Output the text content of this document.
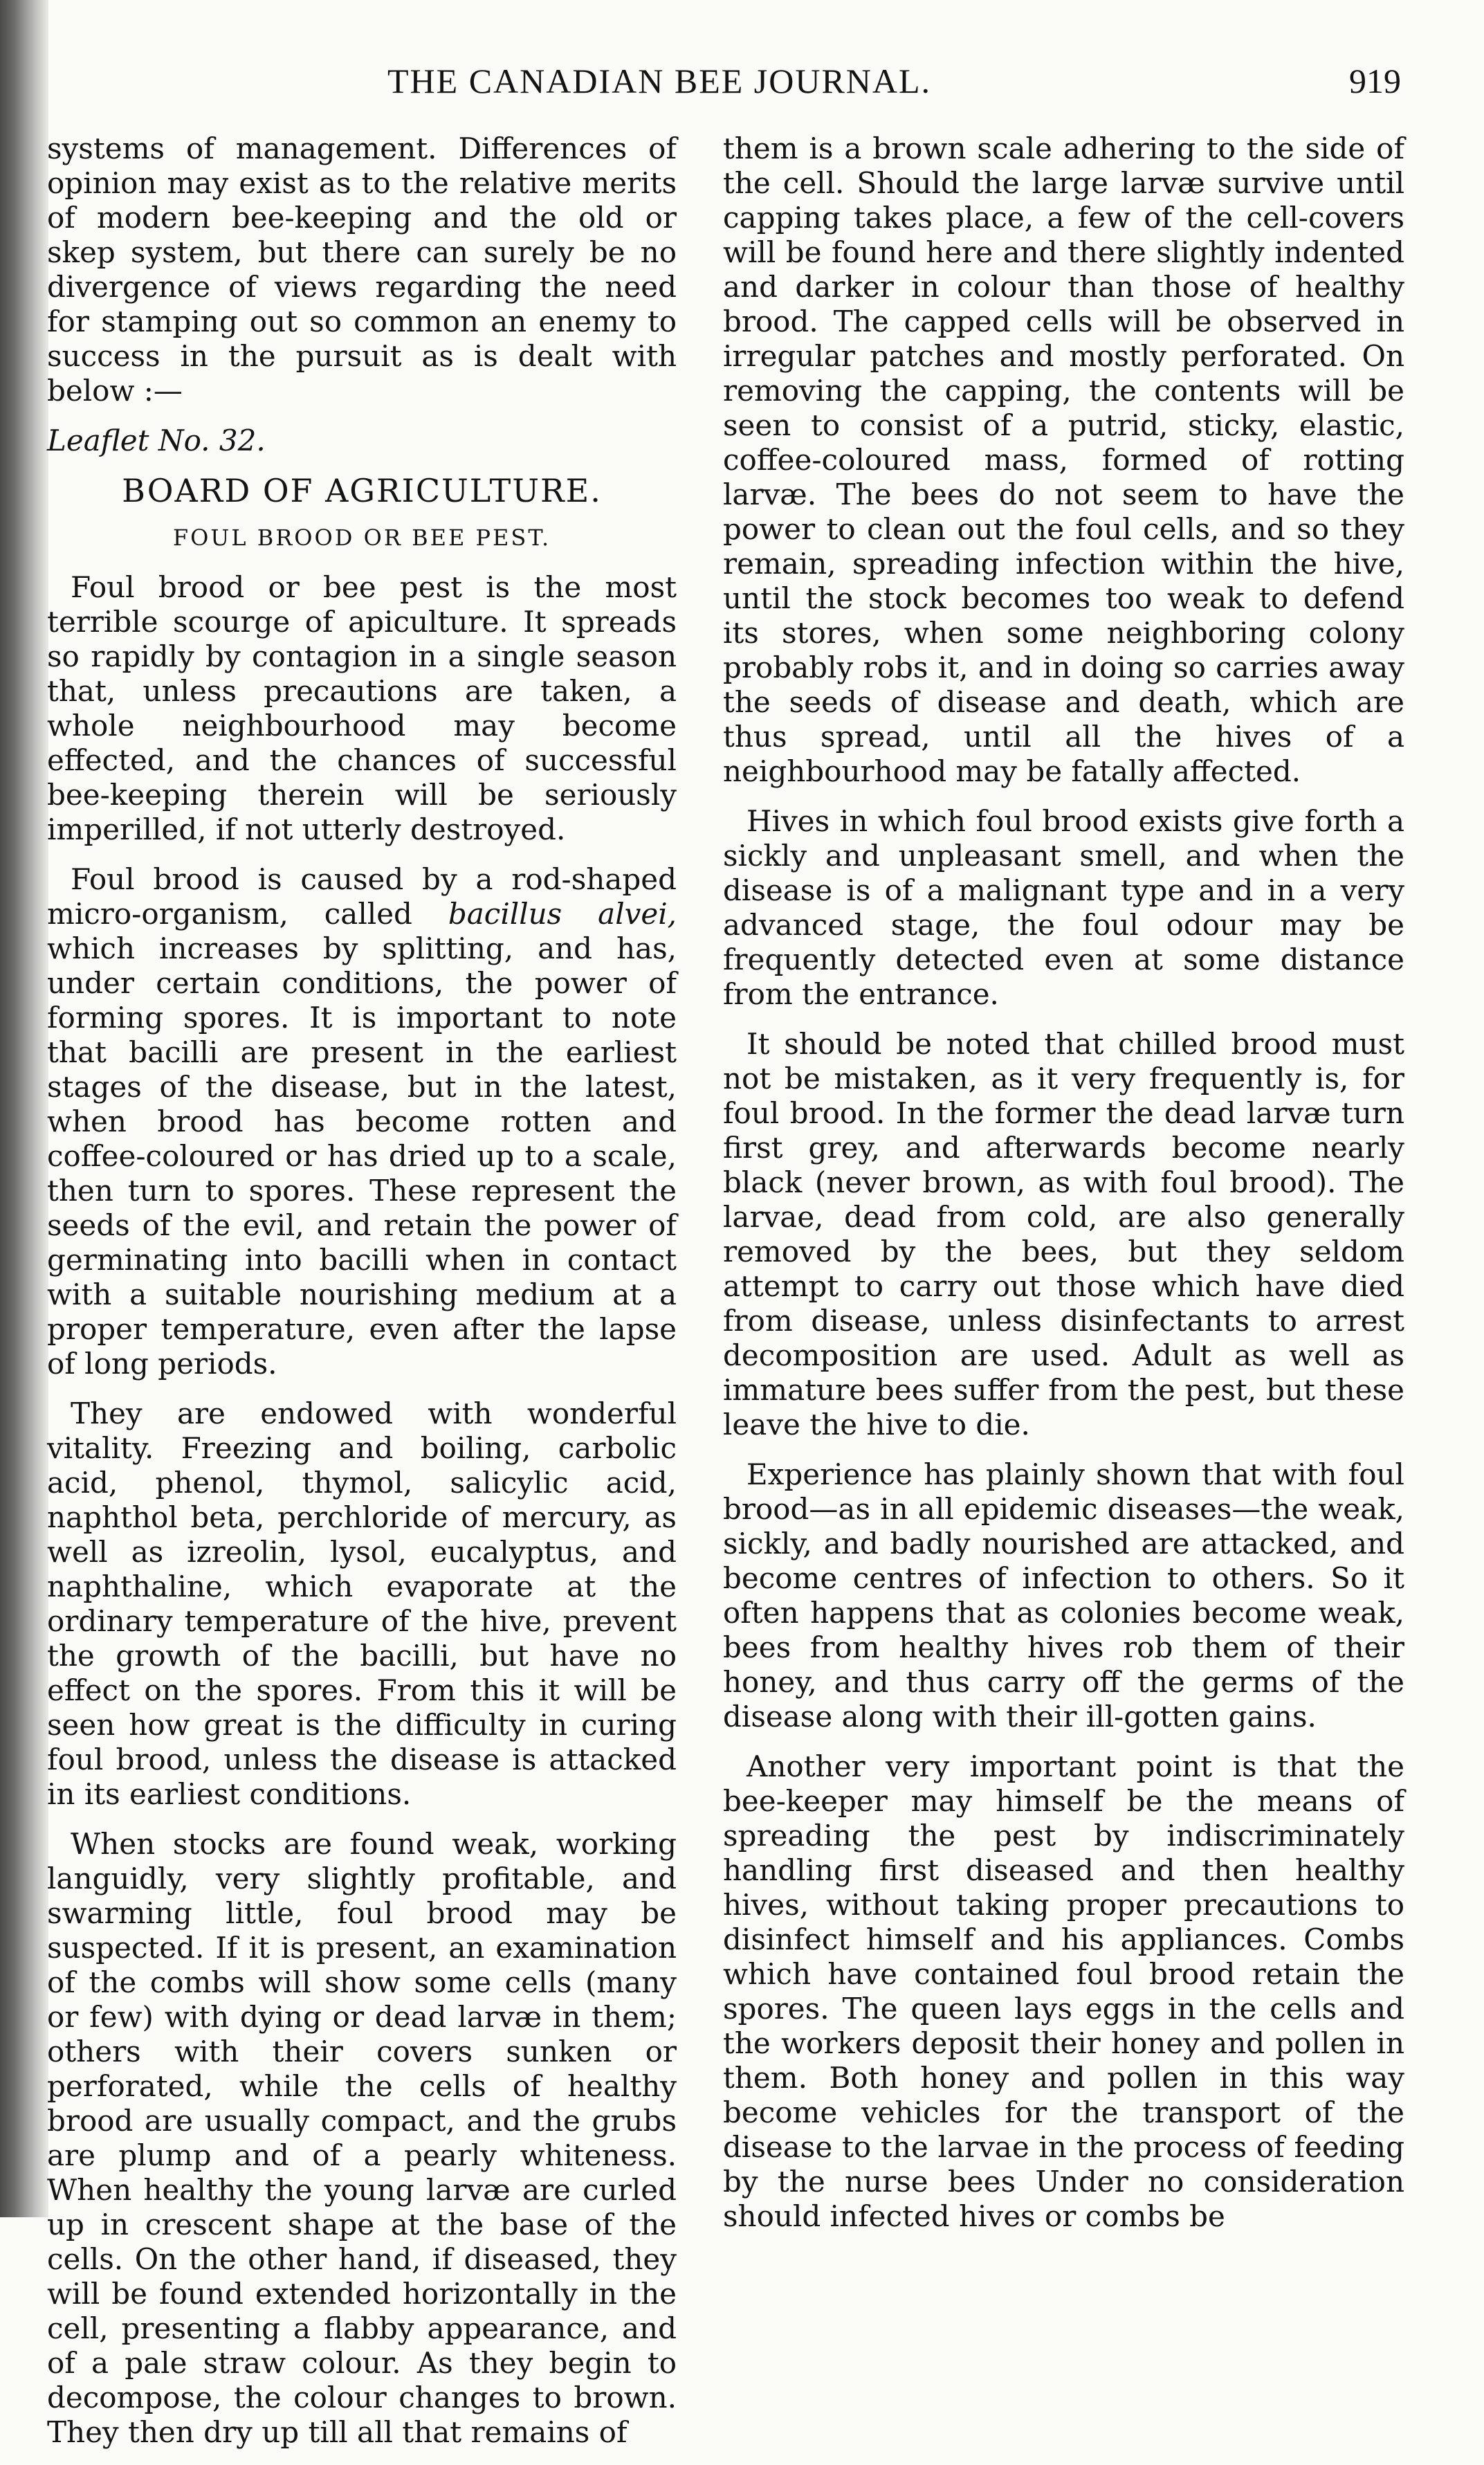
THE CANADIAN BEE JOURNAL.	919

systems of management. Differences of opinion may exist as to the relative merits of modern bee-keeping and the old or skep system, but there can surely be no divergence of views regarding the need for stamping out so common an enemy to success in the pursuit as is dealt with below :—

Leaflet No. 32.

BOARD OF AGRICULTURE.
FOUL BROOD OR BEE PEST.

Foul brood or bee pest is the most terrible scourge of apiculture. It spreads so rapidly by contagion in a single season that, unless precautions are taken, a whole neighbourhood may become effected, and the chances of successful bee-keeping therein will be seriously imperilled, if not utterly destroyed.

Foul brood is caused by a rod-shaped micro-organism, called bacillus alvei, which increases by splitting, and has, under certain conditions, the power of forming spores. It is important to note that bacilli are present in the earliest stages of the disease, but in the latest, when brood has become rotten and coffee-coloured or has dried up to a scale, then turn to spores. These represent the seeds of the evil, and retain the power of germinating into bacilli when in contact with a suitable nourishing medium at a proper temperature, even after the lapse of long periods.

They are endowed with wonderful vitality. Freezing and boiling, carbolic acid, phenol, thymol, salicylic acid, naphthol beta, perchloride of mercury, as well as izreolin, lysol, eucalyptus, and naphthaline, which evaporate at the ordinary temperature of the hive, prevent the growth of the bacilli, but have no effect on the spores. From this it will be seen how great is the difficulty in curing foul brood, unless the disease is attacked in its earliest conditions.

When stocks are found weak, working languidly, very slightly profitable, and swarming little, foul brood may be suspected. If it is present, an examination of the combs will show some cells (many or few) with dying or dead larvæ in them; others with their covers sunken or perforated, while the cells of healthy brood are usually compact, and the grubs are plump and of a pearly whiteness. When healthy the young larvæ are curled up in crescent shape at the base of the cells. On the other hand, if diseased, they will be found extended horizontally in the cell, presenting a flabby appearance, and of a pale straw colour. As they begin to decompose, the colour changes to brown. They then dry up till all that remains of

them is a brown scale adhering to the side of the cell. Should the large larvæ survive until capping takes place, a few of the cell-covers will be found here and there slightly indented and darker in colour than those of healthy brood. The capped cells will be observed in irregular patches and mostly perforated. On removing the capping, the contents will be seen to consist of a putrid, sticky, elastic, coffee-coloured mass, formed of rotting larvæ. The bees do not seem to have the power to clean out the foul cells, and so they remain, spreading infection within the hive, until the stock becomes too weak to defend its stores, when some neighboring colony probably robs it, and in doing so carries away the seeds of disease and death, which are thus spread, until all the hives of a neighbourhood may be fatally affected.

Hives in which foul brood exists give forth a sickly and unpleasant smell, and when the disease is of a malignant type and in a very advanced stage, the foul odour may be frequently detected even at some distance from the entrance.

It should be noted that chilled brood must not be mistaken, as it very frequently is, for foul brood. In the former the dead larvæ turn first grey, and afterwards become nearly black (never brown, as with foul brood). The larvae, dead from cold, are also generally removed by the bees, but they seldom attempt to carry out those which have died from disease, unless disinfectants to arrest decomposition are used. Adult as well as immature bees suffer from the pest, but these leave the hive to die.

Experience has plainly shown that with foul brood—as in all epidemic diseases—the weak, sickly, and badly nourished are attacked, and become centres of infection to others. So it often happens that as colonies become weak, bees from healthy hives rob them of their honey, and thus carry off the germs of the disease along with their ill-gotten gains.

Another very important point is that the bee-keeper may himself be the means of spreading the pest by indiscriminately handling first diseased and then healthy hives, without taking proper precautions to disinfect himself and his appliances. Combs which have contained foul brood retain the spores. The queen lays eggs in the cells and the workers deposit their honey and pollen in them. Both honey and pollen in this way become vehicles for the transport of the disease to the larvae in the process of feeding by the nurse bees Under no consideration should infected hives or combs be
